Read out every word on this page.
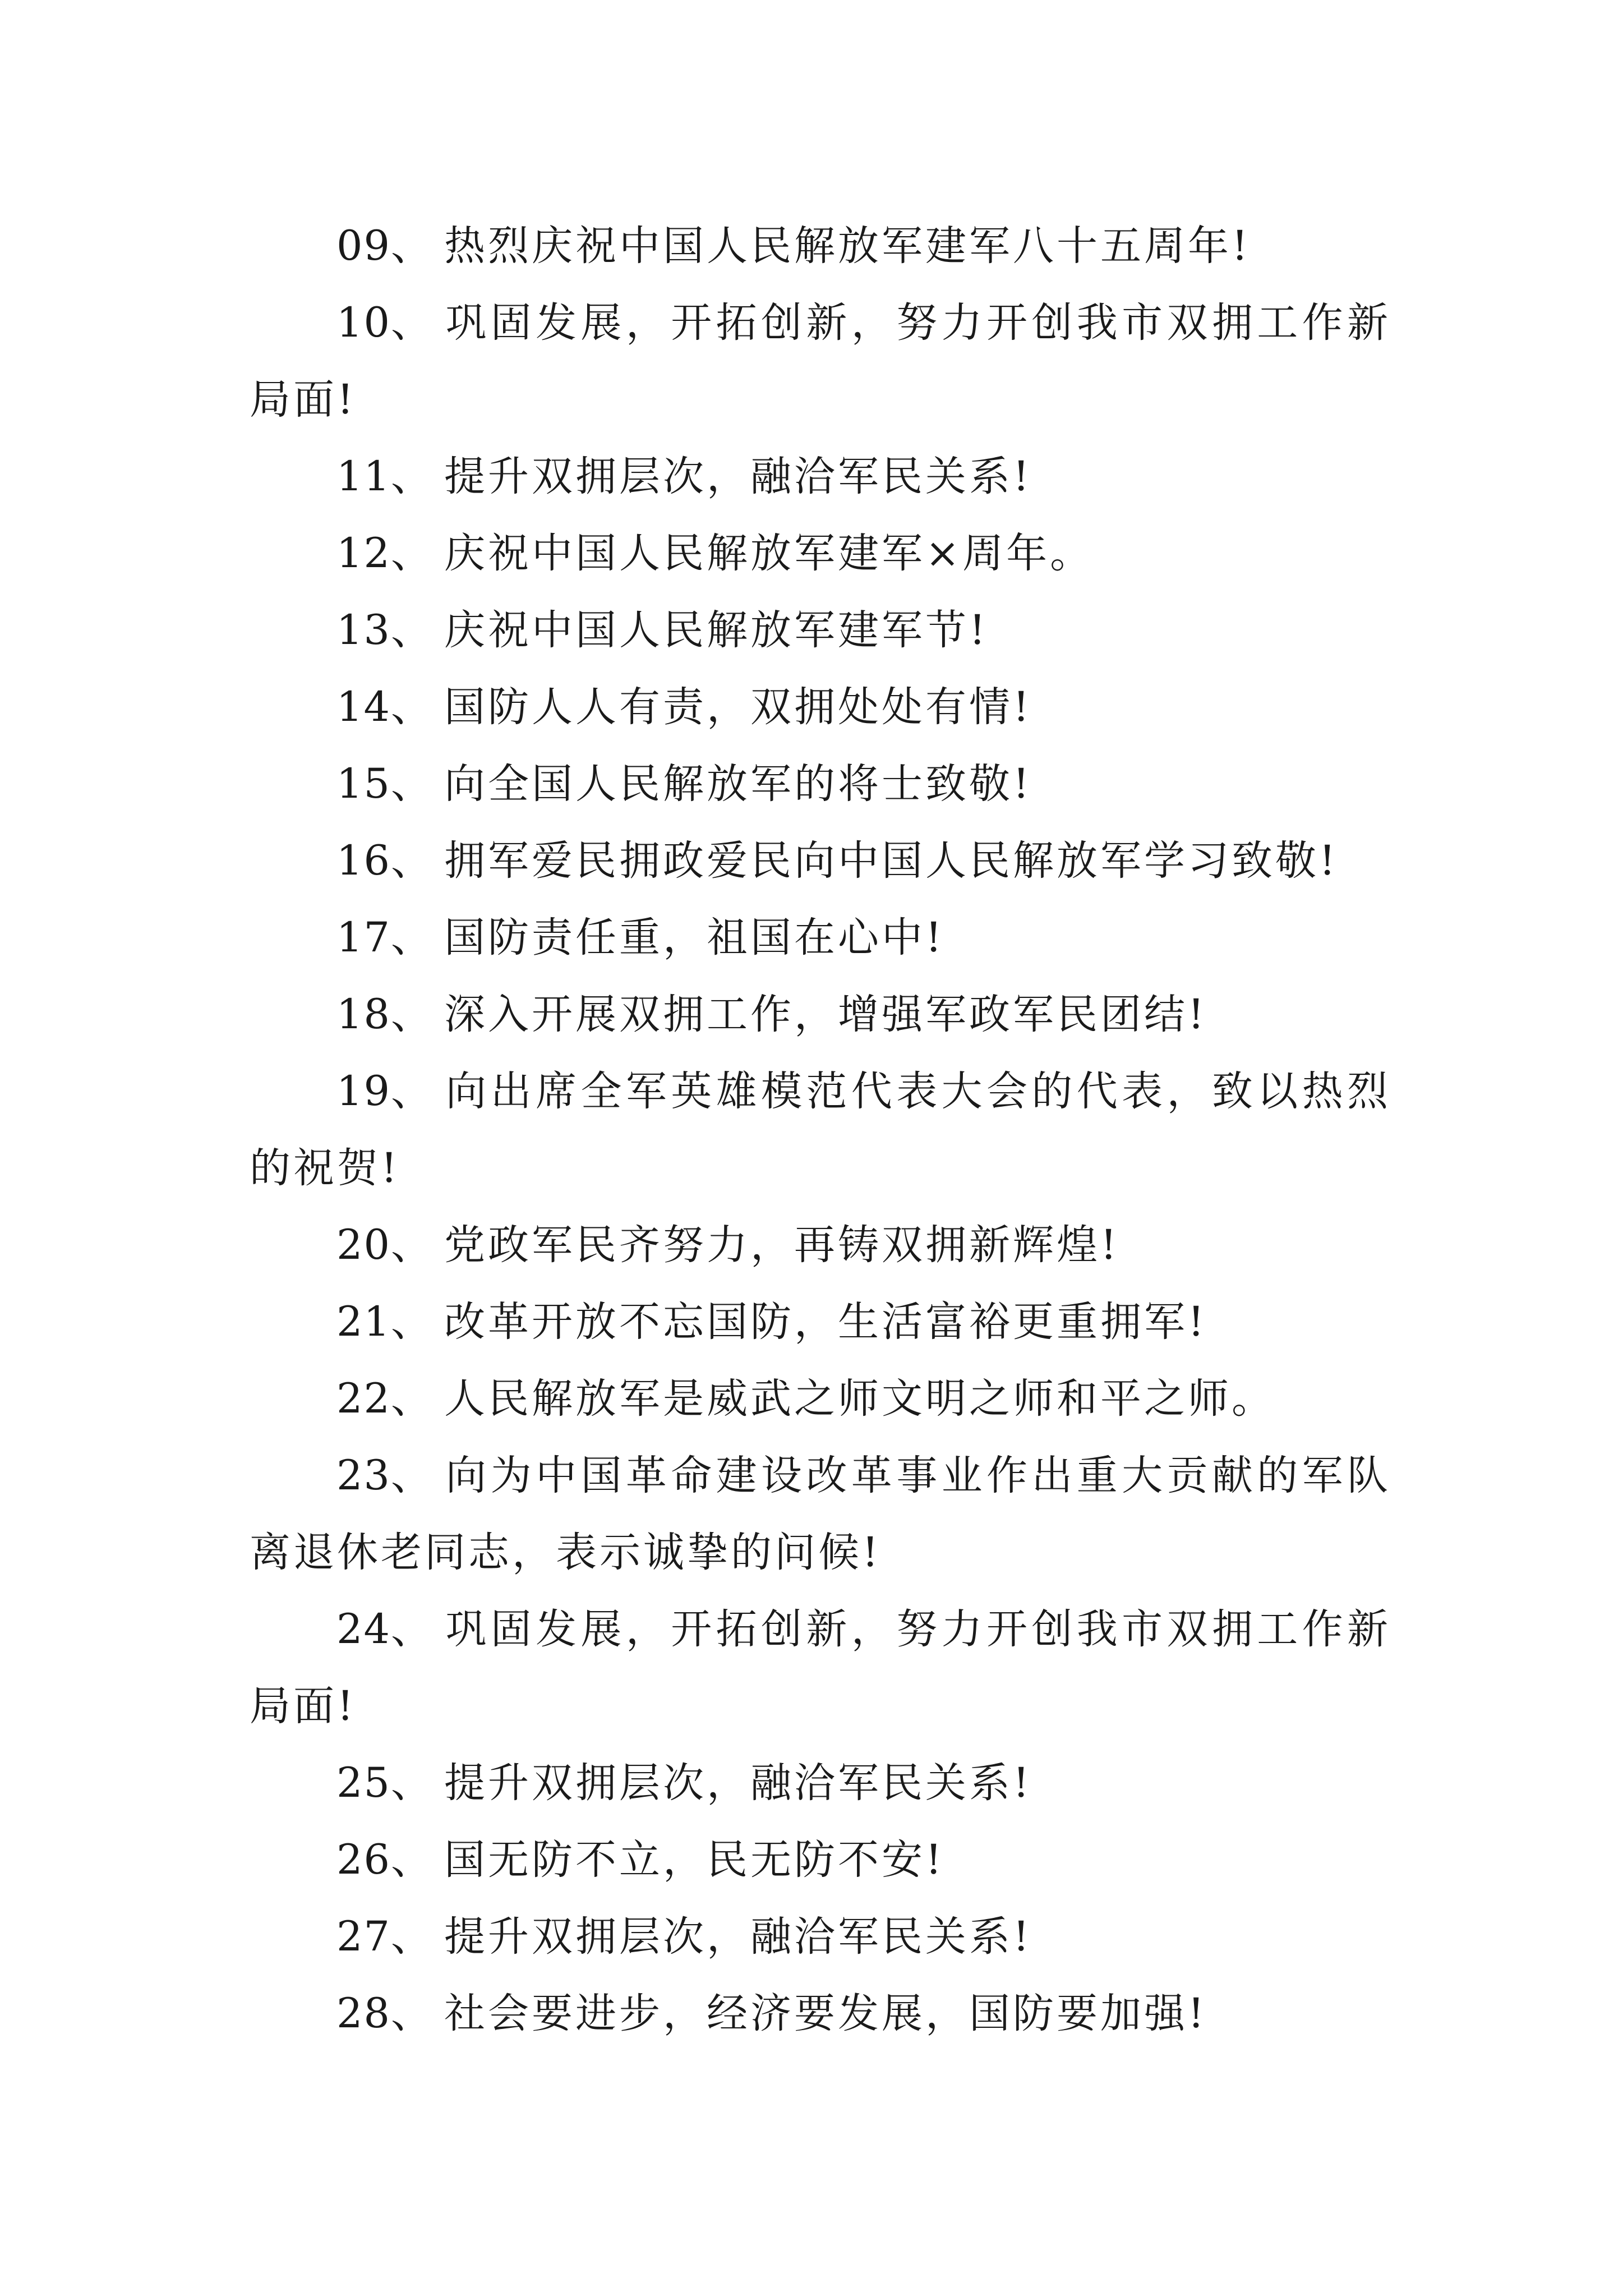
09、 热烈庆祝中国人民解放军建军八十五周年!

10、 巩固发展，开拓创新，努力开创我市双拥工作新局面!

11、 提升双拥层次，融洽军民关系!

12、 庆祝中国人民解放军建军×周年。

13、 庆祝中国人民解放军建军节!

14、 国防人人有责，双拥处处有情!

15、 向全国人民解放军的将士致敬!

16、 拥军爱民拥政爱民向中国人民解放军学习致敬!

17、 国防责任重，祖国在心中!

18、 深入开展双拥工作，增强军政军民团结!

19、 向出席全军英雄模范代表大会的代表，致以热烈的祝贺!

20、 党政军民齐努力，再铸双拥新辉煌!

21、 改革开放不忘国防，生活富裕更重拥军!

22、 人民解放军是威武之师文明之师和平之师。

23、 向为中国革命建设改革事业作出重大贡献的军队离退休老同志，表示诚挚的问候!

24、 巩固发展，开拓创新，努力开创我市双拥工作新局面!

25、 提升双拥层次，融洽军民关系!

26、 国无防不立，民无防不安!

27、 提升双拥层次，融洽军民关系!

28、 社会要进步，经济要发展，国防要加强!
